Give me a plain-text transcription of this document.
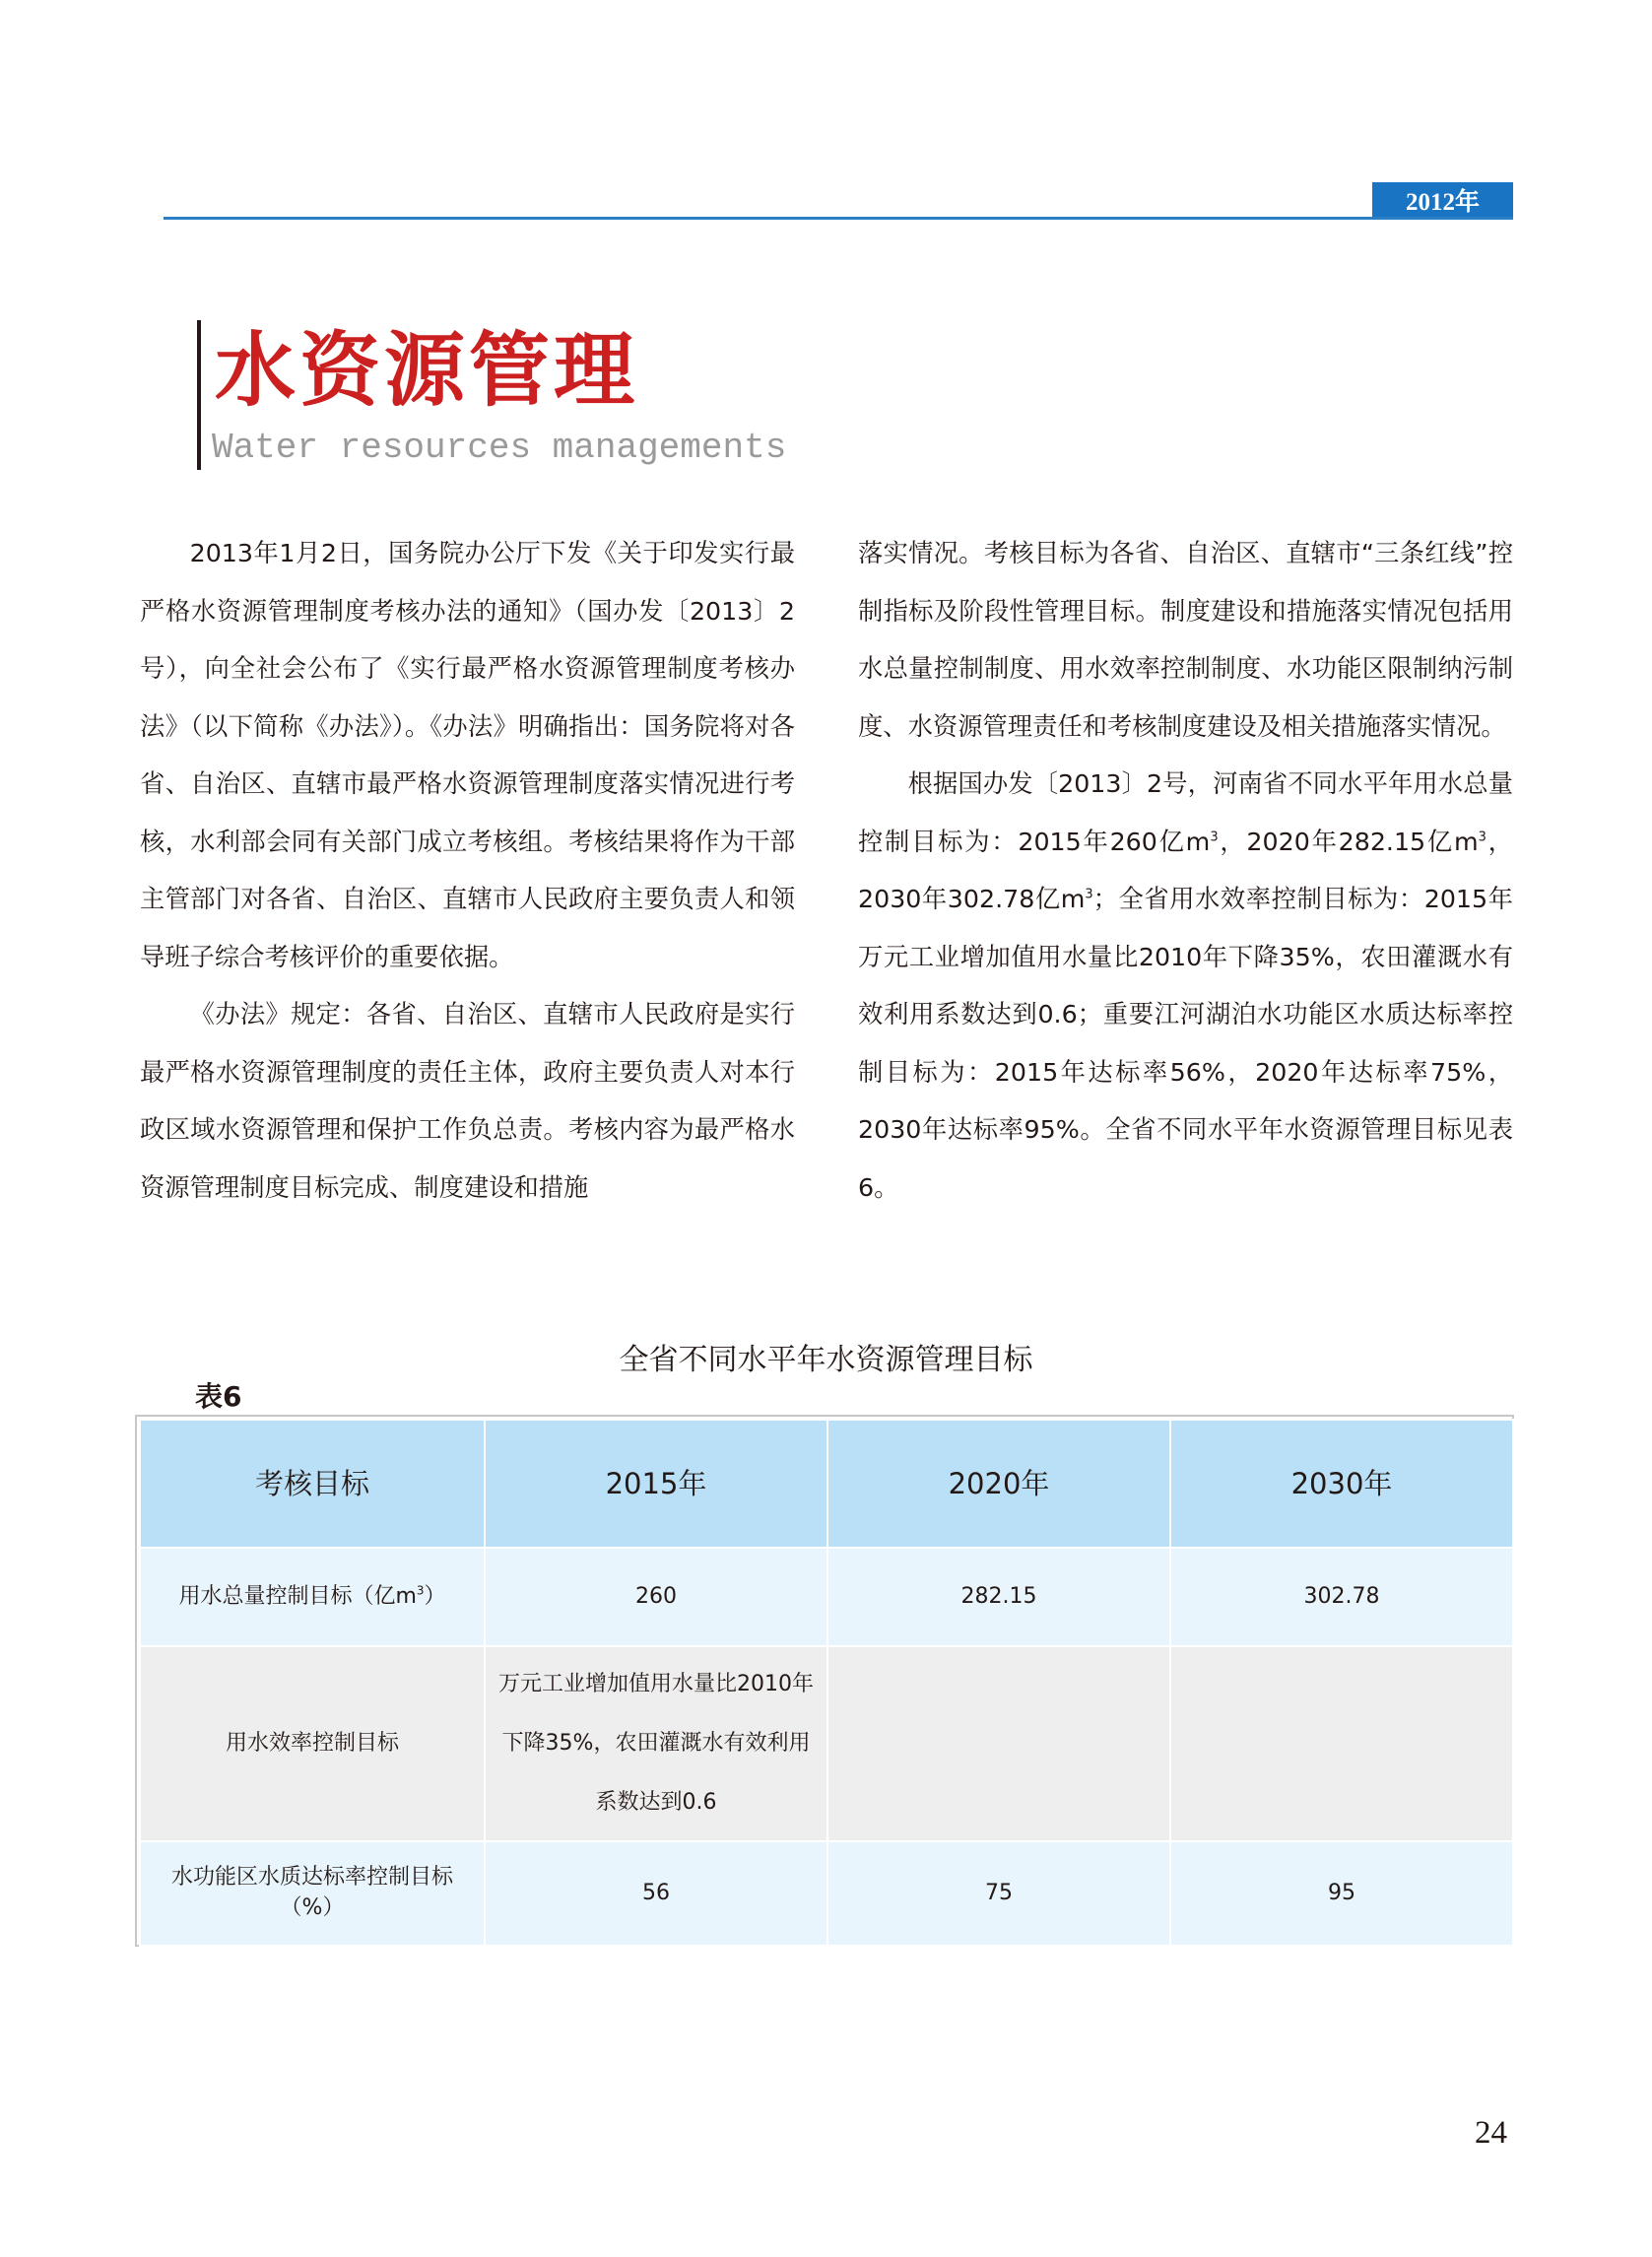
2012年
水资源管理
Water resources managements

2013年1月2日，国务院办公厅下发《关于印发实行最严格水资源管理制度考核办法的通知》（国办发〔2013〕2号），向全社会公布了《实行最严格水资源管理制度考核办法》（以下简称《办法》）。《办法》明确指出：国务院将对各省、自治区、直辖市最严格水资源管理制度落实情况进行考核，水利部会同有关部门成立考核组。考核结果将作为干部主管部门对各省、自治区、直辖市人民政府主要负责人和领导班子综合考核评价的重要依据。

《办法》规定：各省、自治区、直辖市人民政府是实行最严格水资源管理制度的责任主体，政府主要负责人对本行政区域水资源管理和保护工作负总责。考核内容为最严格水资源管理制度目标完成、制度建设和措施

落实情况。考核目标为各省、自治区、直辖市“三条红线”控制指标及阶段性管理目标。制度建设和措施落实情况包括用水总量控制制度、用水效率控制制度、水功能区限制纳污制度、水资源管理责任和考核制度建设及相关措施落实情况。

根据国办发〔2013〕2号，河南省不同水平年用水总量控制目标为：2015年260亿$m^3$，2020年282.15亿$m^3$，2030年302.78亿$m^3$；全省用水效率控制目标为：2015年万元工业增加值用水量比2010年下降35%，农田灌溉水有效利用系数达到0.6；重要江河湖泊水功能区水质达标率控制目标为：2015年达标率56%，2020年达标率75%，2030年达标率95%。全省不同水平年水资源管理目标见表6。

全省不同水平年水资源管理目标
表6
考核目标	2015年	2020年	2030年
用水总量控制目标（亿$m^3$）	260	282.15	302.78
用水效率控制目标	万元工业增加值用水量比2010年下降35%，农田灌溉水有效利用系数达到0.6		
水功能区水质达标率控制目标（%）	56	75	95
24
